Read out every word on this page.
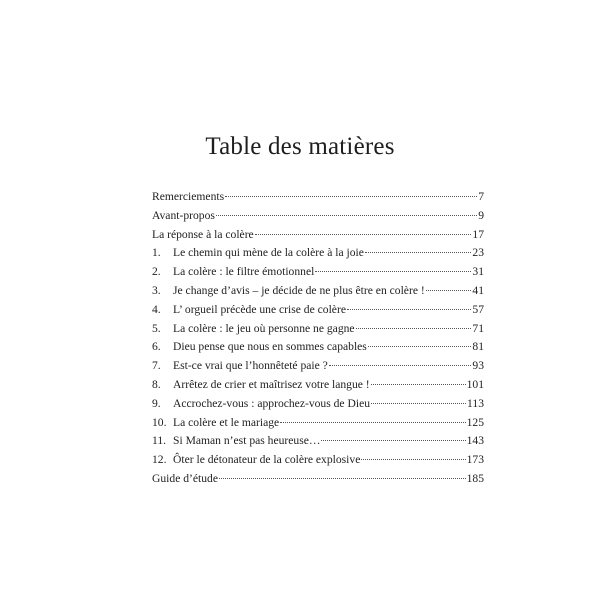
Table des matières
Remerciements	7
Avant-propos	9
La réponse à la colère	17
1.	Le chemin qui mène de la colère à la joie	23
2.	La colère : le filtre émotionnel	31
3.	Je change d’avis – je décide de ne plus être en colère !	41
4.	L’ orgueil précède une crise de colère	57
5.	La colère : le jeu où personne ne gagne	71
6.	Dieu pense que nous en sommes capables	81
7.	Est-ce vrai que l’honnêteté paie ?	93
8.	Arrêtez de crier et maîtrisez votre langue !	101
9.	Accrochez-vous : approchez-vous de Dieu	113
10. La colère et le mariage	125
11. Si Maman n’est pas heureuse…	143
12. Ôter le détonateur de la colère explosive	173
Guide d’étude	185
